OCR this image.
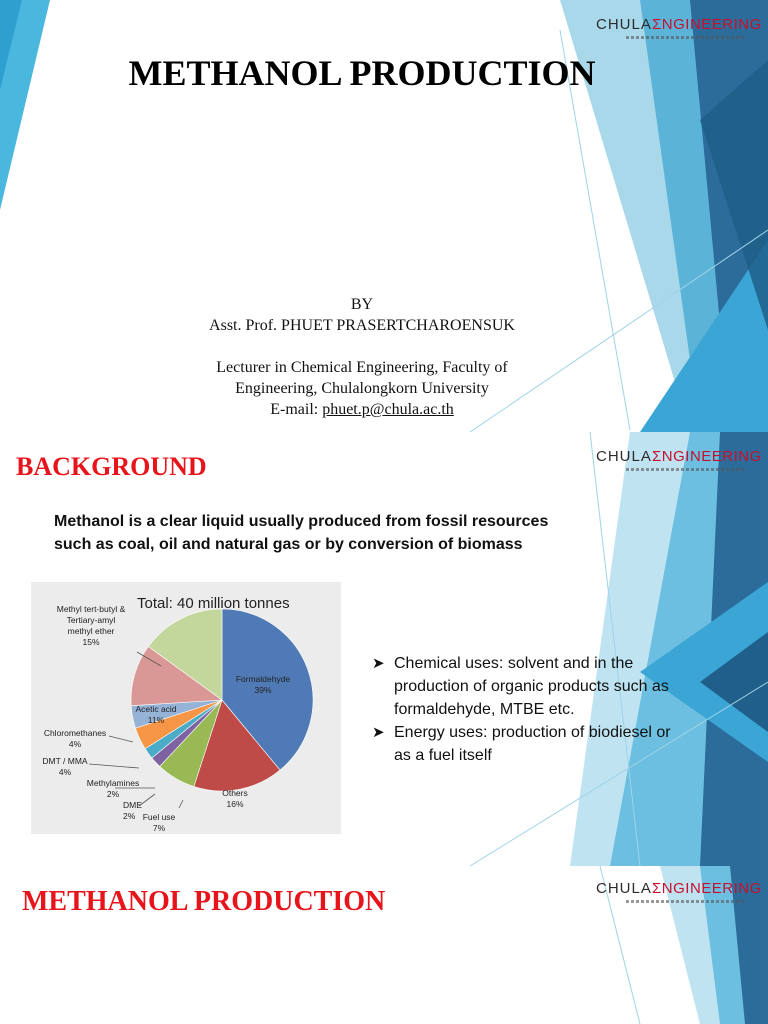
CHULA ΣNGINEERING
METHANOL PRODUCTION
BY
Asst. Prof. PHUET PRASERTCHAROENSUK
Lecturer in Chemical Engineering, Faculty of
Engineering, Chulalongkorn University
E-mail: phuet.p@chula.ac.th
CHULA ΣNGINEERING
BACKGROUND
Methanol is a clear liquid usually produced from fossil resources
such as coal, oil and natural gas or by conversion of biomass
Total: 40 million tonnes
Formaldehyde 39%
Others 16%
Fuel use 7%
DME 2%
Methylamines 2%
DMT / MMA 4%
Chloromethanes 4%
Acetic acid 11%
Methyl tert-butyl & Tertiary-amyl methyl ether 15%
➤ Chemical uses: solvent and in the
production of organic products such as
formaldehyde, MTBE etc.
➤ Energy uses: production of biodiesel or
as a fuel itself
CHULA ΣNGINEERING
METHANOL PRODUCTION
